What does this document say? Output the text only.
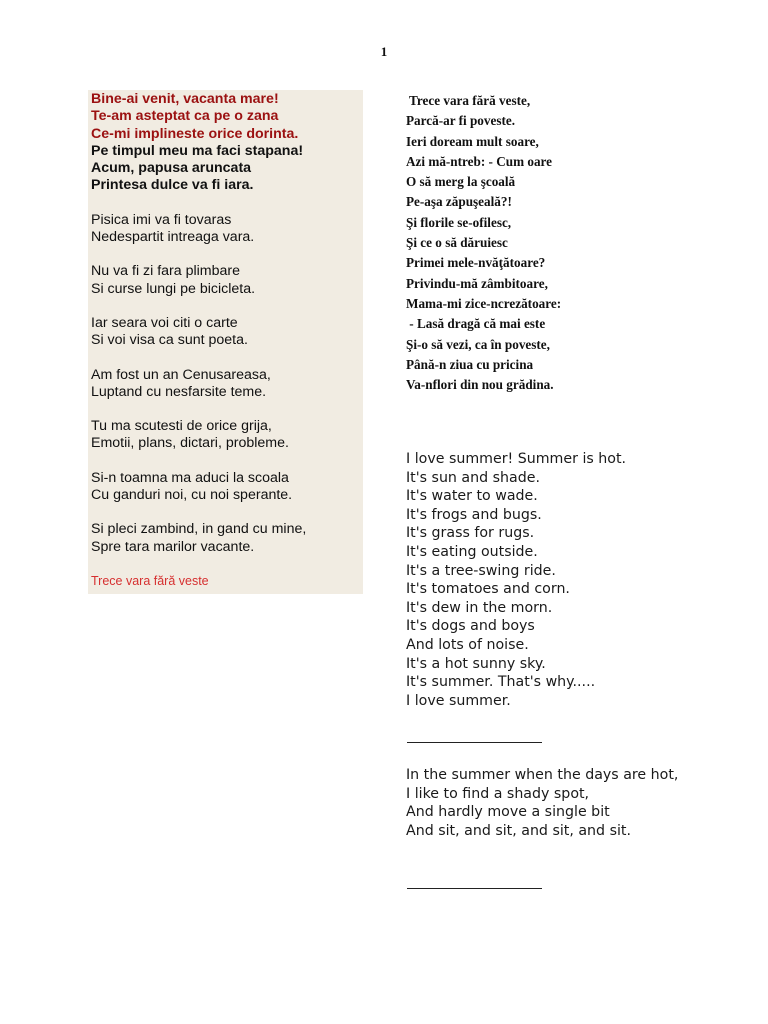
1
Bine-ai venit, vacanta mare!
Te-am asteptat ca pe o zana
Ce-mi implineste orice dorinta.
Pe timpul meu ma faci stapana!
Acum, papusa aruncata
Printesa dulce va fi iara.
Pisica imi va fi tovaras
Nedespartit intreaga vara.
Nu va fi zi fara plimbare
Si curse lungi pe bicicleta.
Iar seara voi citi o carte
Si voi visa ca sunt poeta.
Am fost un an Cenusareasa,
Luptand cu nesfarsite teme.
Tu ma scutesti de orice grija,
Emotii, plans, dictari, probleme.
Si-n toamna ma aduci la scoala
Cu ganduri noi, cu noi sperante.
Si pleci zambind, in gand cu mine,
Spre tara marilor vacante.
Trece vara fără veste
Trece vara fără veste,
Parcă-ar fi poveste.
Ieri doream mult soare,
Azi mă-ntreb: - Cum oare
O să merg la şcoală
Pe-aşa zăpuşeală?!
Şi florile se-ofilesc,
Şi ce o să dăruiesc
Primei mele-nvăţătoare?
Privindu-mă zâmbitoare,
Mama-mi zice-ncrezătoare:
- Lasă dragă că mai este
Şi-o să vezi, ca în poveste,
Până-n ziua cu pricina
Va-nflori din nou grădina.
I love summer! Summer is hot.
It's sun and shade.
It's water to wade.
It's frogs and bugs.
It's grass for rugs.
It's eating outside.
It's a tree-swing ride.
It's tomatoes and corn.
It's dew in the morn.
It's dogs and boys
And lots of noise.
It's a hot sunny sky.
It's summer. That's why.....
I love summer.
In the summer when the days are hot,
I like to find a shady spot,
And hardly move a single bit
And sit, and sit, and sit, and sit.
